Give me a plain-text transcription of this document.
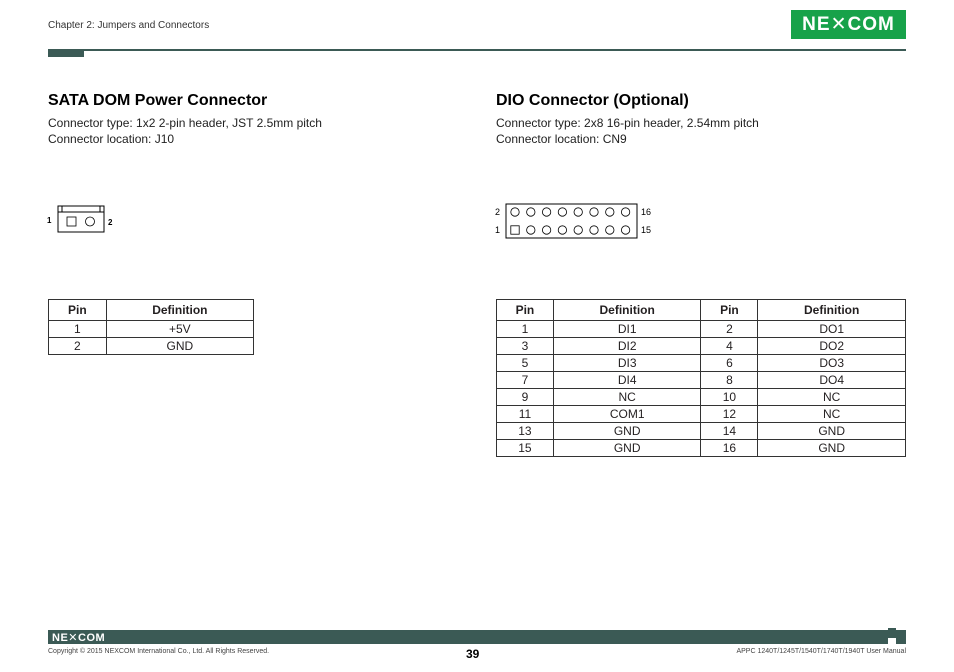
Chapter 2: Jumpers and Connectors	NE✕COM
SATA DOM Power Connector
Connector type: 1x2 2-pin header, JST 2.5mm pitch
Connector location: J10
1	2
Pin	Definition
1	+5V
2	GND
DIO Connector (Optional)
Connector type: 2x8 16-pin header, 2.54mm pitch
Connector location: CN9
2	16
1	15
Pin	Definition	Pin	Definition
1	DI1	2	DO1
3	DI2	4	DO2
5	DI3	6	DO3
7	DI4	8	DO4
9	NC	10	NC
11	COM1	12	NC
13	GND	14	GND
15	GND	16	GND
NE✕COM
Copyright © 2015 NEXCOM International Co., Ltd. All Rights Reserved.	39	APPC 1240T/1245T/1540T/1740T/1940T User Manual
